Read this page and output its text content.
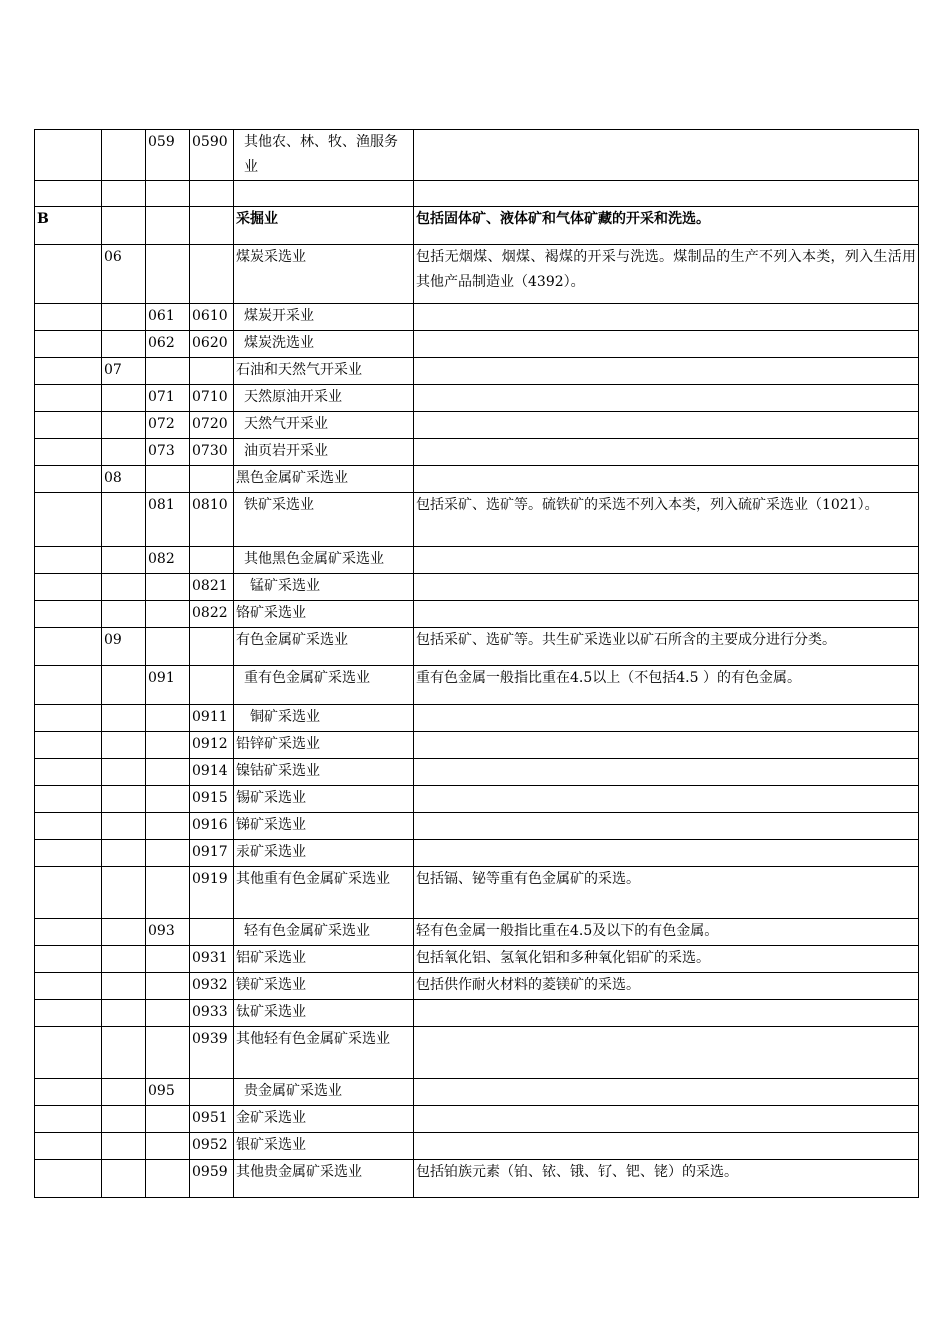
		059	0590	其他农、林、牧、渔服务业	

B				采掘业	包括固体矿、液体矿和气体矿藏的开采和洗选。
	06			煤炭采选业	包括无烟煤、烟煤、褐煤的开采与洗选。煤制品的生产不列入本类，列入生活用其他产品制造业（4392）。
		061	0610	煤炭开采业	
		062	0620	煤炭洗选业	
	07			石油和天然气开采业	
		071	0710	天然原油开采业	
		072	0720	天然气开采业	
		073	0730	油页岩开采业	
	08			黑色金属矿采选业	
		081	0810	铁矿采选业	包括采矿、选矿等。硫铁矿的采选不列入本类，列入硫矿采选业（1021）。
		082		其他黑色金属矿采选业	
			0821	锰矿采选业	
			0822	铬矿采选业	
	09			有色金属矿采选业	包括采矿、选矿等。共生矿采选业以矿石所含的主要成分进行分类。
		091		重有色金属矿采选业	重有色金属一般指比重在4.5以上（不包括4.5 ）的有色金属。
			0911	铜矿采选业	
			0912	铅锌矿采选业	
			0914	镍钴矿采选业	
			0915	锡矿采选业	
			0916	锑矿采选业	
			0917	汞矿采选业	
			0919	其他重有色金属矿采选业	包括镉、铋等重有色金属矿的采选。
		093		轻有色金属矿采选业	轻有色金属一般指比重在4.5及以下的有色金属。
			0931	铝矿采选业	包括氧化铝、氢氧化铝和多种氧化铝矿的采选。
			0932	镁矿采选业	包括供作耐火材料的菱镁矿的采选。
			0933	钛矿采选业	
			0939	其他轻有色金属矿采选业	
		095		贵金属矿采选业	
			0951	金矿采选业	
			0952	银矿采选业	
			0959	其他贵金属矿采选业	包括铂族元素（铂、铱、锇、钌、钯、铑）的采选。
